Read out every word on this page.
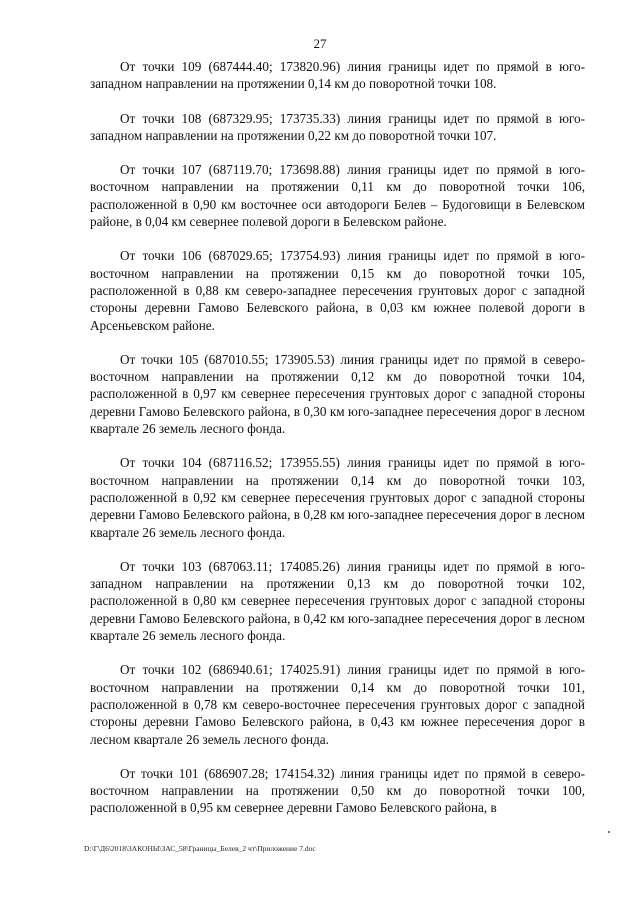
27

От точки 109 (687444.40; 173820.96) линия границы идет по прямой в юго-западном направлении на протяжении 0,14 км до поворотной точки 108.

От точки 108 (687329.95; 173735.33) линия границы идет по прямой в юго-западном направлении на протяжении 0,22 км до поворотной точки 107.

От точки 107 (687119.70; 173698.88) линия границы идет по прямой в юго-восточном направлении на протяжении 0,11 км до поворотной точки 106, расположенной в 0,90 км восточнее оси автодороги Белев – Будоговищи в Белевском районе, в 0,04 км севернее полевой дороги в Белевском районе.

От точки 106 (687029.65; 173754.93) линия границы идет по прямой в юго-восточном направлении на протяжении 0,15 км до поворотной точки 105, расположенной в 0,88 км северо-западнее пересечения грунтовых дорог с западной стороны деревни Гамово Белевского района, в 0,03 км южнее полевой дороги в Арсеньевском районе.

От точки 105 (687010.55; 173905.53) линия границы идет по прямой в северо-восточном направлении на протяжении 0,12 км до поворотной точки 104, расположенной в 0,97 км севернее пересечения грунтовых дорог с западной стороны деревни Гамово Белевского района, в 0,30 км юго-западнее пересечения дорог в лесном квартале 26 земель лесного фонда.

От точки 104 (687116.52; 173955.55) линия границы идет по прямой в юго-восточном направлении на протяжении 0,14 км до поворотной точки 103, расположенной в 0,92 км севернее пересечения грунтовых дорог с западной стороны деревни Гамово Белевского района, в 0,28 км юго-западнее пересечения дорог в лесном квартале 26 земель лесного фонда.

От точки 103 (687063.11; 174085.26) линия границы идет по прямой в юго-западном направлении на протяжении 0,13 км до поворотной точки 102, расположенной в 0,80 км севернее пересечения грунтовых дорог с западной стороны деревни Гамово Белевского района, в 0,42 км юго-западнее пересечения дорог в лесном квартале 26 земель лесного фонда.

От точки 102 (686940.61; 174025.91) линия границы идет по прямой в юго-восточном направлении на протяжении 0,14 км до поворотной точки 101, расположенной в 0,78 км северо-восточнее пересечения грунтовых дорог с западной стороны деревни Гамово Белевского района, в 0,43 км южнее пересечения дорог в лесном квартале 26 земель лесного фонда.

От точки 101 (686907.28; 174154.32) линия границы идет по прямой в северо-восточном направлении на протяжении 0,50 км до поворотной точки 100, расположенной в 0,95 км севернее деревни Гамово Белевского района, в

D:\Г\Д6\2018\ЗАКОНЫ\ЗАС_58\Границы_Белев_2 чт\Приложение 7.doc
